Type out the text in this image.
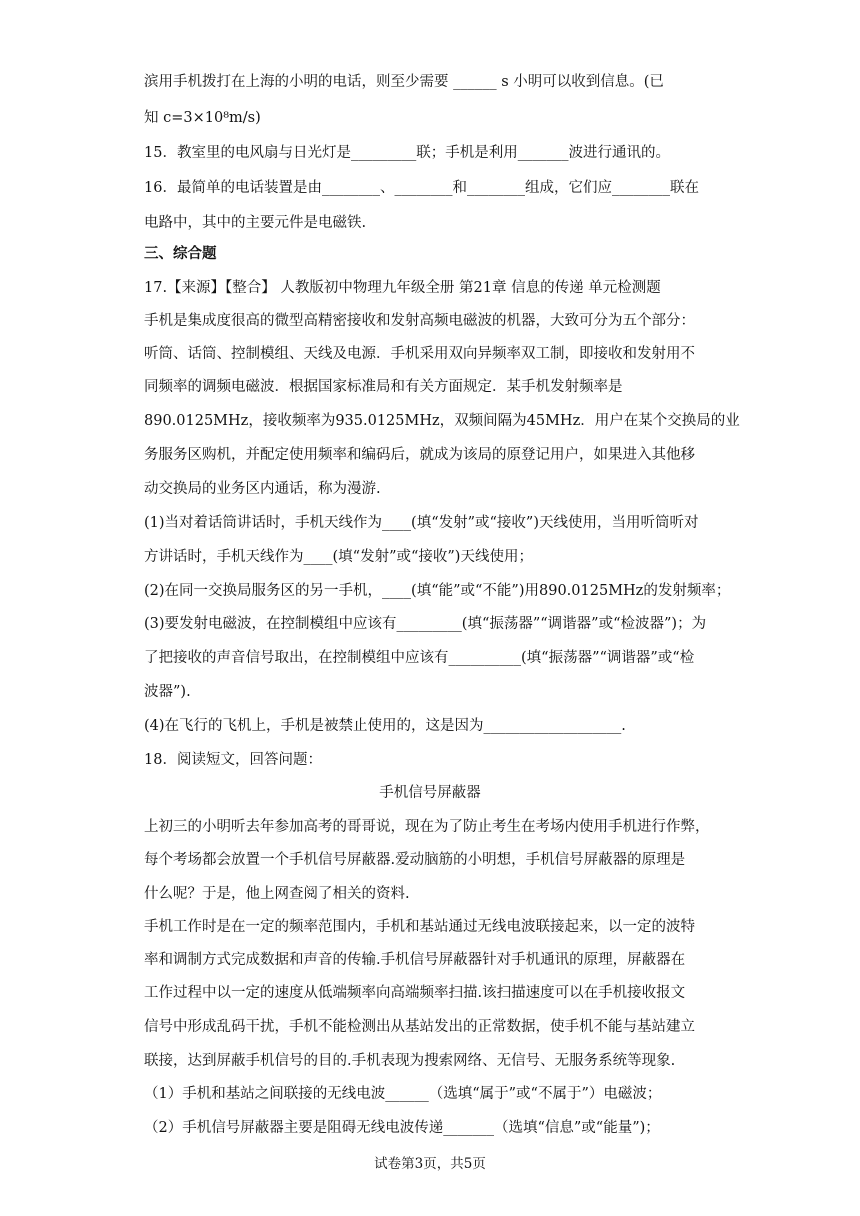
滨用手机拨打在上海的小明的电话，则至少需要 ______ s 小明可以收到信息。(已
知 c=3×10⁸m/s)
15．教室里的电风扇与日光灯是_________联；手机是利用_______波进行通讯的。
16．最简单的电话装置是由________、________和________组成，它们应________联在
电路中，其中的主要元件是电磁铁.
三、综合题
17.【来源】【整合】 人教版初中物理九年级全册 第21章 信息的传递 单元检测题
手机是集成度很高的微型高精密接收和发射高频电磁波的机器，大致可分为五个部分：
听筒、话筒、控制模组、天线及电源．手机采用双向异频率双工制，即接收和发射用不
同频率的调频电磁波．根据国家标准局和有关方面规定．某手机发射频率是
890.0125MHz，接收频率为935.0125MHz，双频间隔为45MHz．用户在某个交换局的业
务服务区购机，并配定使用频率和编码后，就成为该局的原登记用户，如果进入其他移
动交换局的业务区内通话，称为漫游.
(1)当对着话筒讲话时，手机天线作为____(填“发射”或“接收”)天线使用，当用听筒听对
方讲话时，手机天线作为____(填“发射”或“接收”)天线使用；
(2)在同一交换局服务区的另一手机，____(填“能”或“不能”)用890.0125MHz的发射频率；
(3)要发射电磁波，在控制模组中应该有_________(填“振荡器”“调谐器”或“检波器”)；为
了把接收的声音信号取出，在控制模组中应该有__________(填“振荡器”“调谐器”或“检
波器”).
(4)在飞行的飞机上，手机是被禁止使用的，这是因为___________________.
18．阅读短文，回答问题：
手机信号屏蔽器
上初三的小明听去年参加高考的哥哥说，现在为了防止考生在考场内使用手机进行作弊，
每个考场都会放置一个手机信号屏蔽器.爱动脑筋的小明想，手机信号屏蔽器的原理是
什么呢？于是，他上网查阅了相关的资料.
手机工作时是在一定的频率范围内，手机和基站通过无线电波联接起来，以一定的波特
率和调制方式完成数据和声音的传输.手机信号屏蔽器针对手机通讯的原理，屏蔽器在
工作过程中以一定的速度从低端频率向高端频率扫描.该扫描速度可以在手机接收报文
信号中形成乱码干扰，手机不能检测出从基站发出的正常数据，使手机不能与基站建立
联接，达到屏蔽手机信号的目的.手机表现为搜索网络、无信号、无服务系统等现象.
（1）手机和基站之间联接的无线电波______（选填“属于”或“不属于”）电磁波；
（2）手机信号屏蔽器主要是阻碍无线电波传递_______（选填“信息”或“能量”)；
试卷第3页，共5页
